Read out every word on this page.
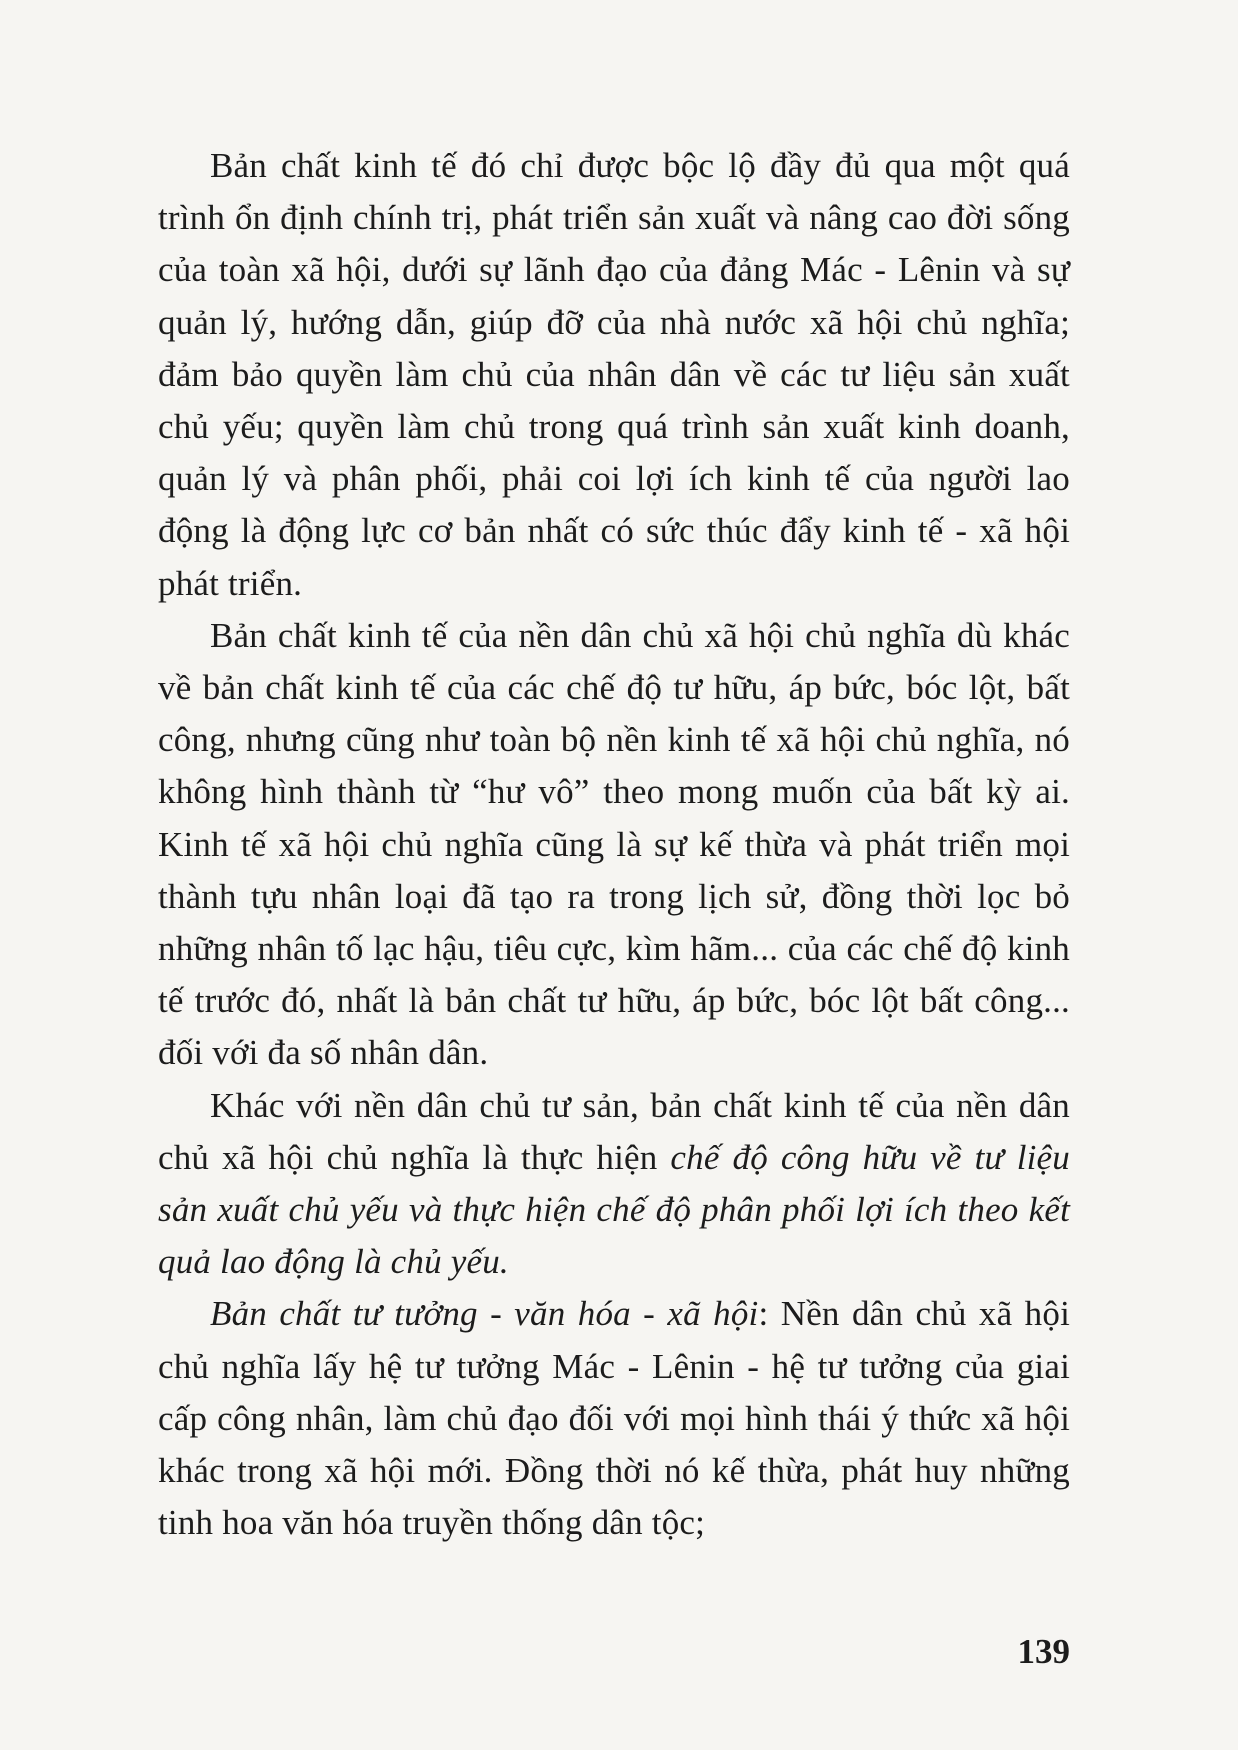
Bản chất kinh tế đó chỉ được bộc lộ đầy đủ qua một quá trình ổn định chính trị, phát triển sản xuất và nâng cao đời sống của toàn xã hội, dưới sự lãnh đạo của đảng Mác - Lênin và sự quản lý, hướng dẫn, giúp đỡ của nhà nước xã hội chủ nghĩa; đảm bảo quyền làm chủ của nhân dân về các tư liệu sản xuất chủ yếu; quyền làm chủ trong quá trình sản xuất kinh doanh, quản lý và phân phối, phải coi lợi ích kinh tế của người lao động là động lực cơ bản nhất có sức thúc đẩy kinh tế - xã hội phát triển.

Bản chất kinh tế của nền dân chủ xã hội chủ nghĩa dù khác về bản chất kinh tế của các chế độ tư hữu, áp bức, bóc lột, bất công, nhưng cũng như toàn bộ nền kinh tế xã hội chủ nghĩa, nó không hình thành từ “hư vô” theo mong muốn của bất kỳ ai. Kinh tế xã hội chủ nghĩa cũng là sự kế thừa và phát triển mọi thành tựu nhân loại đã tạo ra trong lịch sử, đồng thời lọc bỏ những nhân tố lạc hậu, tiêu cực, kìm hãm... của các chế độ kinh tế trước đó, nhất là bản chất tư hữu, áp bức, bóc lột bất công... đối với đa số nhân dân.

Khác với nền dân chủ tư sản, bản chất kinh tế của nền dân chủ xã hội chủ nghĩa là thực hiện chế độ công hữu về tư liệu sản xuất chủ yếu và thực hiện chế độ phân phối lợi ích theo kết quả lao động là chủ yếu.

Bản chất tư tưởng - văn hóa - xã hội: Nền dân chủ xã hội chủ nghĩa lấy hệ tư tưởng Mác - Lênin - hệ tư tưởng của giai cấp công nhân, làm chủ đạo đối với mọi hình thái ý thức xã hội khác trong xã hội mới. Đồng thời nó kế thừa, phát huy những tinh hoa văn hóa truyền thống dân tộc;

139
